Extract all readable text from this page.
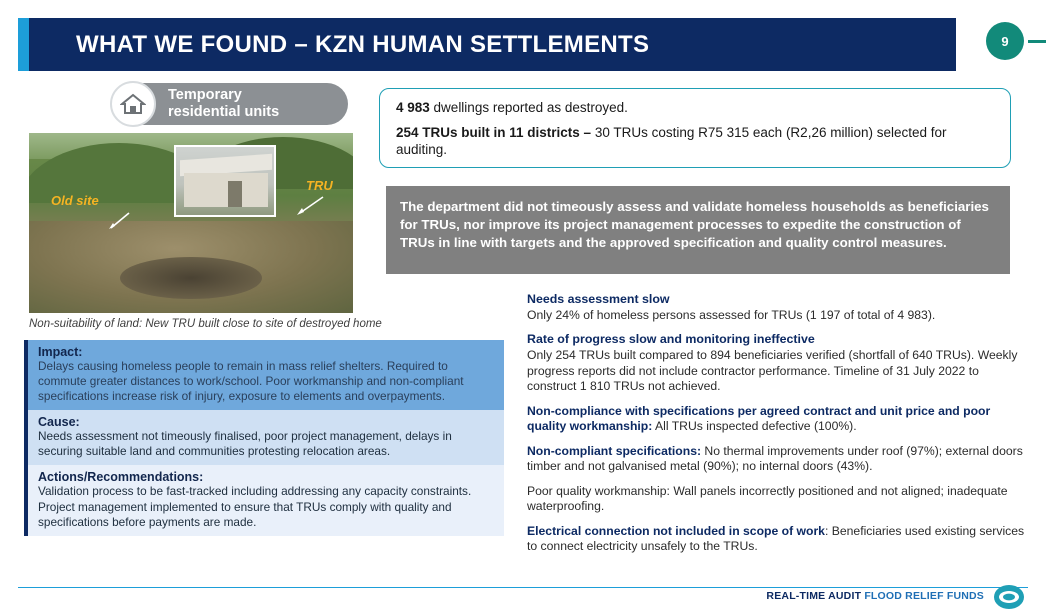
WHAT WE FOUND – KZN HUMAN SETTLEMENTS	9
Temporary
residential units
Old site
TRU
Non-suitability of land: New TRU built close to site of destroyed home
Impact:
Delays causing homeless people to remain in mass relief shelters. Required to commute greater distances to work/school. Poor workmanship and non-compliant specifications increase risk of injury, exposure to elements and overpayments.
Cause:
Needs assessment not timeously finalised, poor project management, delays in securing suitable land and communities protesting relocation areas.
Actions/Recommendations:

Validation process to be fast-tracked including addressing any capacity constraints.

Project management implemented to ensure that TRUs comply with quality and specifications before payments are made.

4 983 dwellings reported as destroyed.

254 TRUs built in 11 districts – 30 TRUs costing R75 315 each (R2,26 million) selected for auditing.

The department did not timeously assess and validate homeless households as beneficiaries for TRUs, nor improve its project management processes to expedite the construction of TRUs in line with targets and the approved specification and quality control measures.

Needs assessment slow

Only 24% of homeless persons assessed for TRUs (1 197 of total of 4 983).

Rate of progress slow and monitoring ineffective

Only 254 TRUs built compared to 894 beneficiaries verified (shortfall of 640 TRUs). Weekly progress reports did not include contractor performance. Timeline of 31 July 2022 to construct 1 810 TRUs not achieved.

Non-compliance with specifications per agreed contract and unit price and poor quality workmanship: All TRUs inspected defective (100%).

Non-compliant specifications: No thermal improvements under roof (97%); external doors timber and not galvanised metal (90%); no internal doors (43%).

Poor quality workmanship: Wall panels incorrectly positioned and not aligned; inadequate waterproofing.

Electrical connection not included in scope of work: Beneficiaries used existing services to connect electricity unsafely to the TRUs.

REAL-TIME AUDIT FLOOD RELIEF FUNDS
